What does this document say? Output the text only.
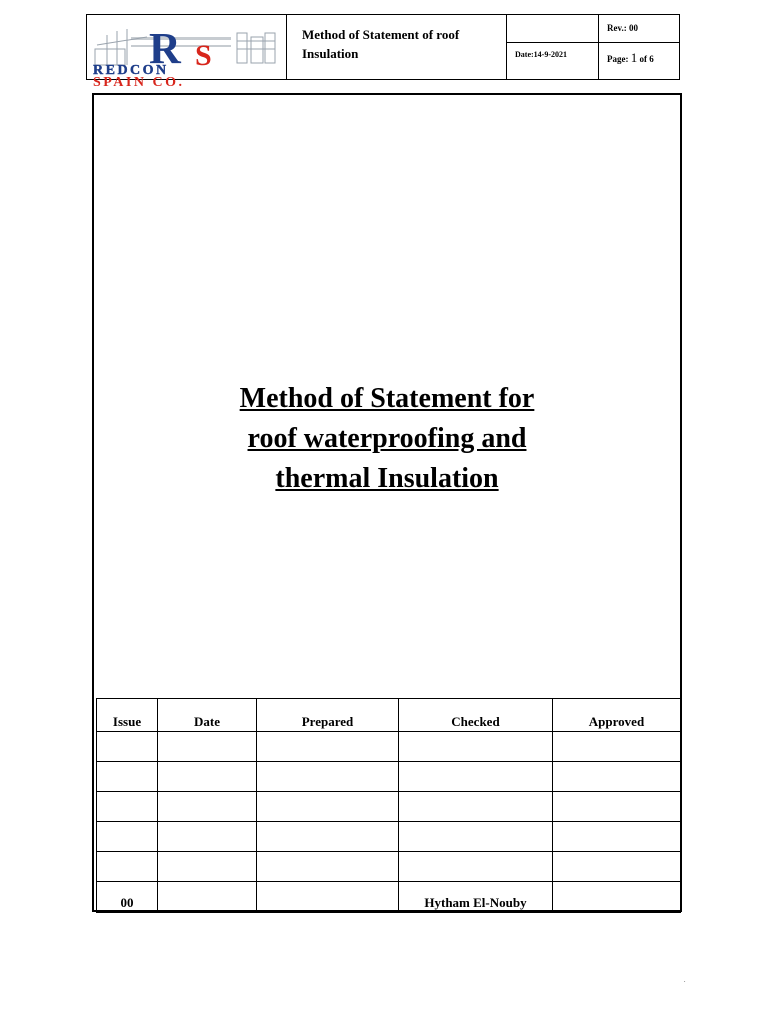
R S
REDCON
SPAIN CO.
Method of Statement of roof Insulation	Date:14-9-2021
Rev.: 00
Page: 1 of 6
Method of Statement for
roof waterproofing and
thermal Insulation
Issue	Date	Prepared	Checked	Approved

00			Hytham El-Nouby	
.
